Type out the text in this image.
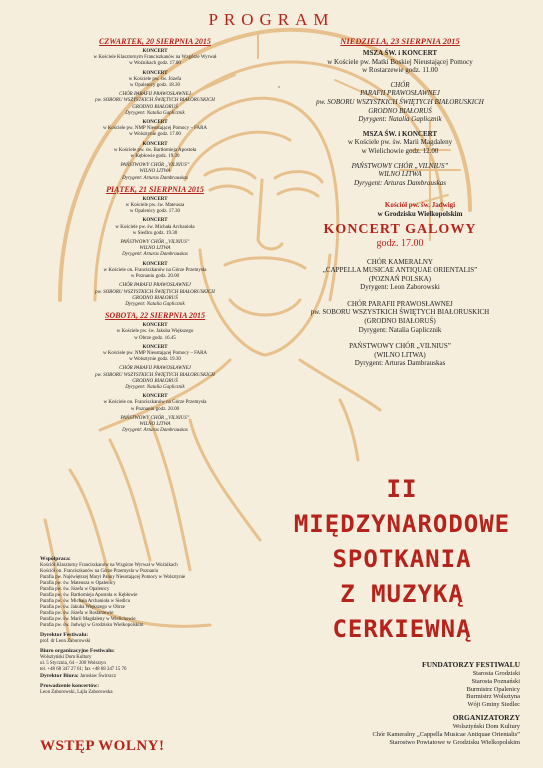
PROGRAM
CZWARTEK, 20 SIERPNIA 2015
KONCERT
w Kościele Klasztornym Franciszkanów na Wzgórze Wyrwał
w Woźnikach godz. 17.00
KONCERT
w Kościele pw. św. Józefa
w Opalenicy godz. 18.30
CHÓR PARAFII PRAWOSŁAWNEJ
pw. SOBORU WSZYSTKICH ŚWIĘTYCH BIAŁORUSKICH
GRODNO BIAŁORUŚ
Dyrygent: Natalia Gaplicznik
KONCERT
w Kościele pw. NMP Nieustającej Pomocy – FARA
w Wolsztynie godz. 17.00
KONCERT
w Kościele pw. św. Bartłomieja Apostoła
w Kębłowie godz. 19.30
PAŃSTWOWY CHÓR „VILNIUS”
WILNO LITWA
Dyrygent: Arturas Dambrauskas
PIĄTEK, 21 SIERPNIA 2015
KONCERT
w Kościele pw. św. Mateusza
w Opalenicy godz. 17.30
KONCERT
w Kościele pw. św. Michała Archanioła
w Siedlcu godz. 19.30
PAŃSTWOWY CHÓR „VILNIUS”
WILNO LITWA
Dyrygent: Arturas Dambrauskas
KONCERT
w Kościele on. Franciszkanów na Górze Przemysła
w Poznaniu godz. 20.00
CHÓR PARAFII PRAWOSŁAWNEJ
pw. SOBORU WSZYSTKICH ŚWIĘTYCH BIAŁORUSKICH
GRODNO BIAŁORUŚ
Dyrygent: Natalia Gaplicznik
SOBOTA, 22 SIERPNIA 2015
KONCERT
w Kościele pw. św. Jakuba Większego
w Obrze godz. 16.45
KONCERT
w Kościele pw. NMP Nieustającej Pomocy – FARA
w Wolsztynie godz. 19.30
CHÓR PARAFII PRAWOSŁAWNEJ
pw. SOBORU WSZYSTKICH ŚWIĘTYCH BIAŁORUSKICH
GRODNO BIAŁORUŚ
Dyrygent: Natalia Gaplicznik
KONCERT
w Kościele on. Franciszkanów na Górze Przemysła
w Poznaniu godz. 20.00
PAŃSTWOWY CHÓR „VILNIUS”
WILNO LITWA
Dyrygent: Arturas Dambrauskas
NIEDZIELA, 23 SIERPNIA 2015
MSZA ŚW. i KONCERT
w Kościele pw. Matki Boskiej Nieustającej Pomocy
w Rostarzewie godz. 11.00
CHÓR
PARAFII PRAWOSŁAWNEJ
pw. SOBORU WSZYSTKICH ŚWIĘTYCH BIAŁORUSKICH
GRODNO BIAŁORUŚ
Dyrygent: Natalia Gaplicznik
MSZA ŚW. i KONCERT
w Kościele pw. św. Marii Magdaleny
w Wielichowie godz. 12.00
PAŃSTWOWY CHÓR „VILNIUS”
WILNO LITWA
Dyrygent: Arturas Dambrauskas
Kościół pw. św. Jadwigi
w Grodzisku Wielkopolskim
KONCERT GALOWY
godz. 17.00
CHÓR KAMERALNY
„CAPPELLA MUSICAE ANTIQUAE ORIENTALIS”
(POZNAŃ POLSKA)
Dyrygent: Leon Zaborowski
CHÓR PARAFII PRAWOSŁAWNEJ
pw. SOBORU WSZYSTKICH ŚWIĘTYCH BIAŁORUSKICH
(GRODNO BIAŁORUŚ)
Dyrygent: Natalia Gaplicznik
PAŃSTWOWY CHÓR „VILNIUS”
(WILNO LITWA)
Dyrygent: Arturas Dambrauskas
II MIĘDZYNARODOWE
SPOTKANIA
Z MUZYKĄ
CERKIEWNĄ
Współpraca:
Kościół Klasztorny Franciszkanów na Wzgórze Wyrwał w Woźnikach
Kościół on. Franciszkanów na Górze Przemysła w Poznaniu
Parafia pw. Najświętszej Maryi Panny Nieustającej Pomocy w Wolsztynie
Parafia pw. św. Mateusza w Opalenicy
Parafia pw. św. Józefa w Opalenicy
Parafia pw. św. Bartłomieja Apostoła w Kębłowie
Parafia pw. św. Michała Archanioła w Siedlcu
Parafia pw. św. Jakuba Większego w Obrze
Parafia pw. św. Józefa w Rostarzewie
Parafia pw. św. Marii Magdaleny w Wielichowie
Parafia pw. św. Jadwigi w Grodzisku Wielkopolskim
Dyrektor Festiwalu:
prof. dr Leon Zaborowski
Biuro organizacyjne Festiwalu:
Wolsztyński Dom Kultury
ul. 5 Stycznia, 64 – 200 Wolsztyn
tel. +48 68 347 27 61; fax +48 68 347 15 76
Dyrektor Biura: Jarosław Świrszcz
Prowadzenie koncertów:
Leon Zaborowski, Lajla Zaborowska
WSTĘP WOLNY!
FUNDATORZY FESTIWALU
Starosta Grodziski
Starosta Poznański
Burmistrz Opalenicy
Burmistrz Wolsztyna
Wójt Gminy Siedlec
ORGANIZATORZY
Wolsztyński Dom Kultury
Chór Kameralny „Cappella Musicae Antiquae Orientalis”
Starostwo Powiatowe w Grodzisku Wielkopolskim
